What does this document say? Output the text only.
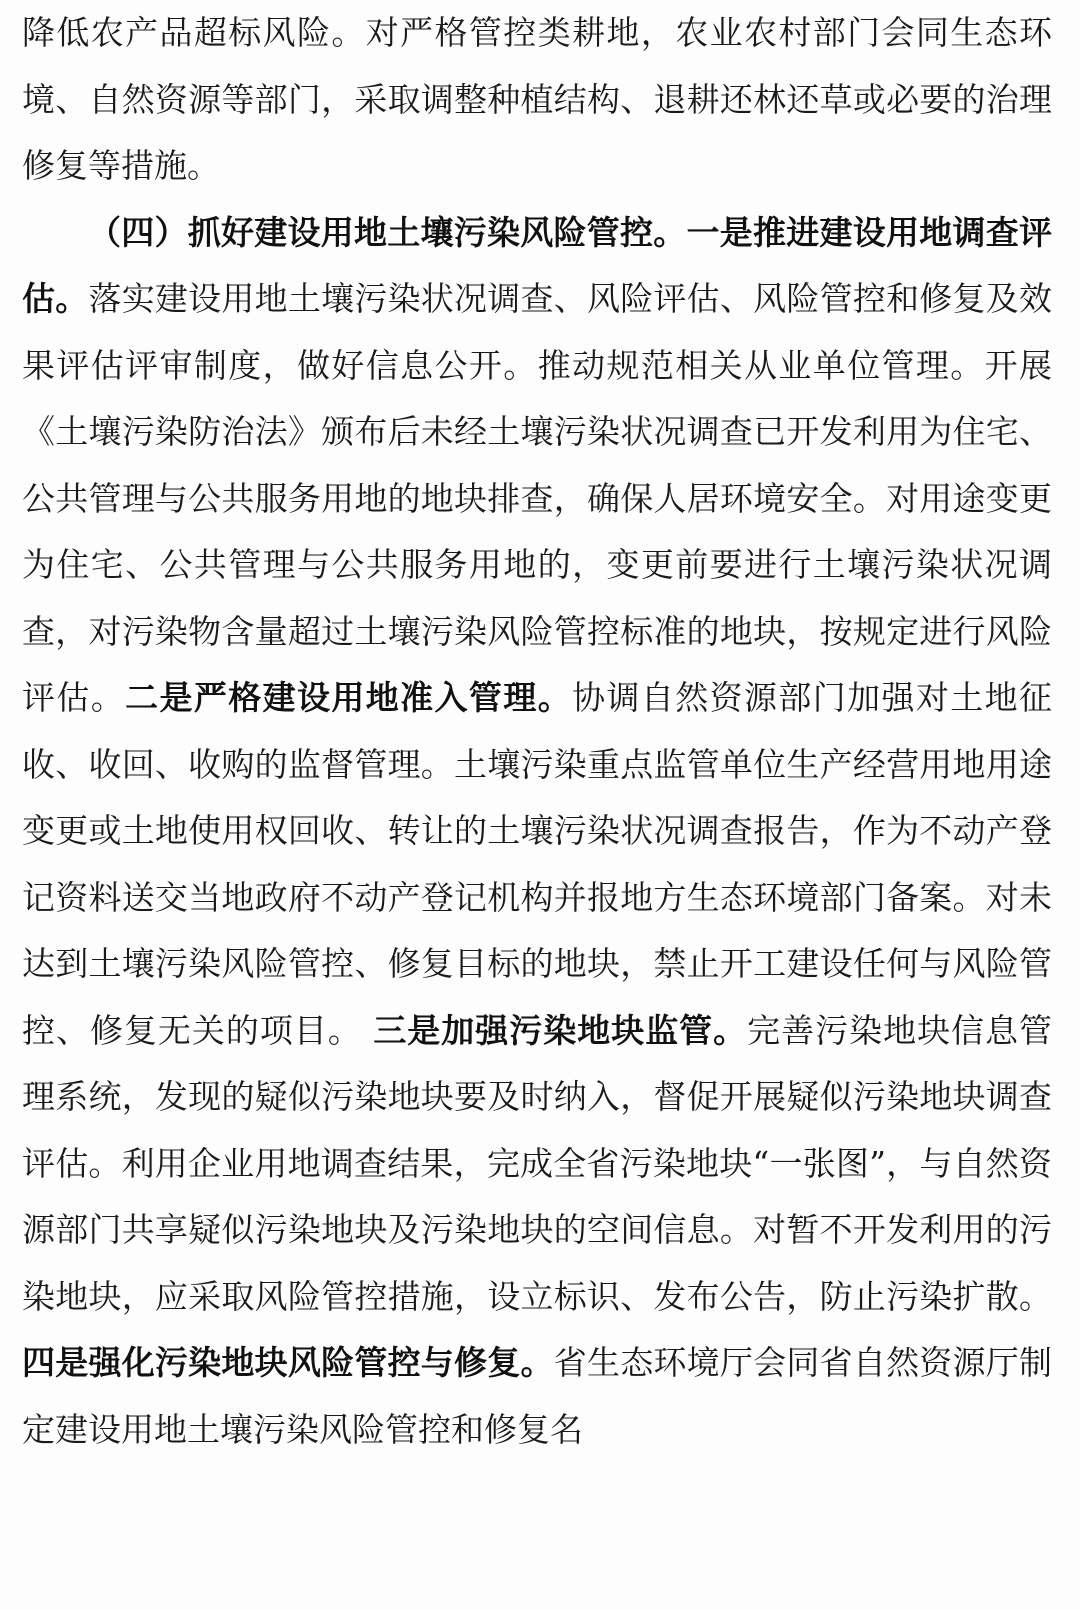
降低农产品超标风险。对严格管控类耕地，农业农村部门会同生态环境、自然资源等部门，采取调整种植结构、退耕还林还草或必要的治理修复等措施。

（四）抓好建设用地土壤污染风险管控。一是推进建设用地调查评估。落实建设用地土壤污染状况调查、风险评估、风险管控和修复及效果评估评审制度，做好信息公开。推动规范相关从业单位管理。开展《土壤污染防治法》颁布后未经土壤污染状况调查已开发利用为住宅、公共管理与公共服务用地的地块排查，确保人居环境安全。对用途变更为住宅、公共管理与公共服务用地的，变更前要进行土壤污染状况调查，对污染物含量超过土壤污染风险管控标准的地块，按规定进行风险评估。二是严格建设用地准入管理。协调自然资源部门加强对土地征收、收回、收购的监督管理。土壤污染重点监管单位生产经营用地用途变更或土地使用权回收、转让的土壤污染状况调查报告，作为不动产登记资料送交当地政府不动产登记机构并报地方生态环境部门备案。对未达到土壤污染风险管控、修复目标的地块，禁止开工建设任何与风险管控、修复无关的项目。 三是加强污染地块监管。完善污染地块信息管理系统，发现的疑似污染地块要及时纳入，督促开展疑似污染地块调查评估。利用企业用地调查结果，完成全省污染地块“一张图”，与自然资源部门共享疑似污染地块及污染地块的空间信息。对暂不开发利用的污染地块，应采取风险管控措施，设立标识、发布公告，防止污染扩散。四是强化污染地块风险管控与修复。省生态环境厅会同省自然资源厅制定建设用地土壤污染风险管控和修复名
